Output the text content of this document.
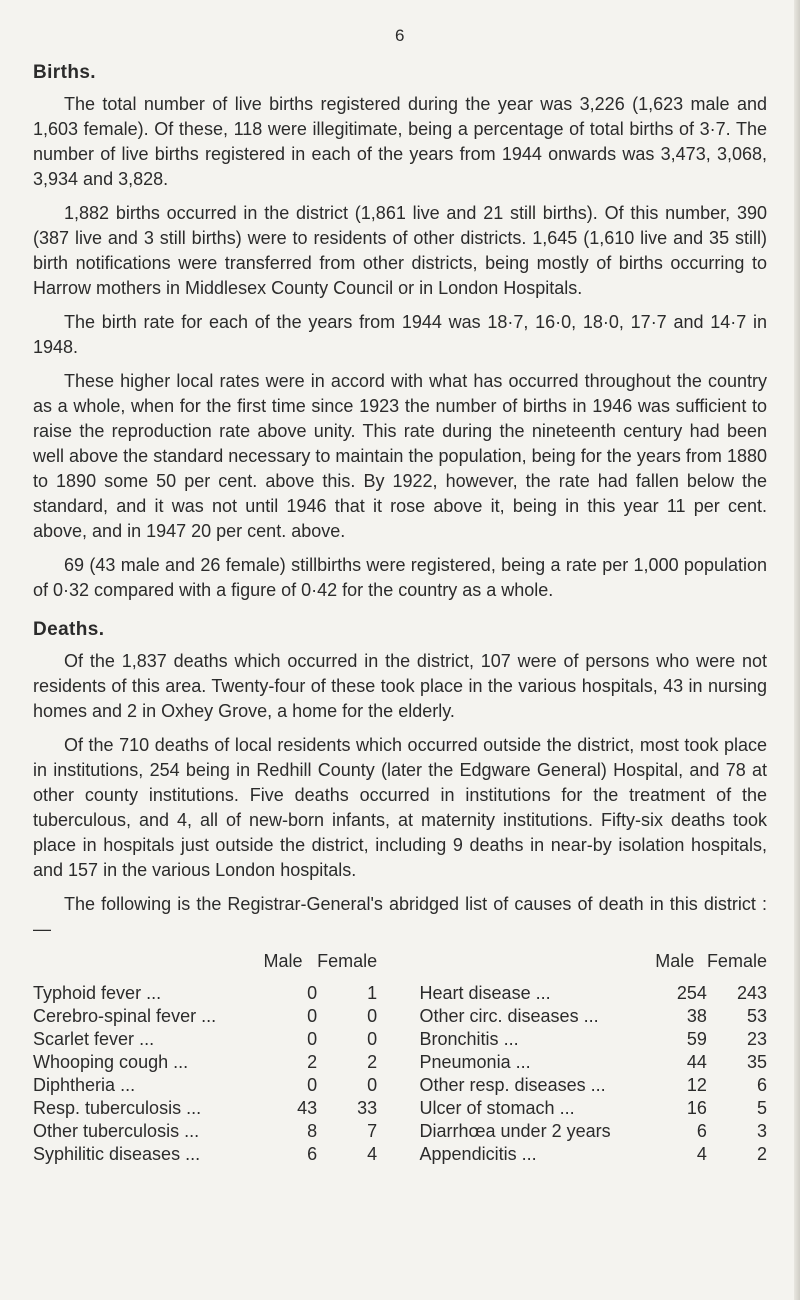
6
Births.

The total number of live births registered during the year was 3,226 (1,623 male and 1,603 female). Of these, 118 were illegitimate, being a percentage of total births of 3·7. The number of live births registered in each of the years from 1944 onwards was 3,473, 3,068, 3,934 and 3,828.

1,882 births occurred in the district (1,861 live and 21 still births). Of this number, 390 (387 live and 3 still births) were to residents of other districts. 1,645 (1,610 live and 35 still) birth notifications were transferred from other districts, being mostly of births occurring to Harrow mothers in Middlesex County Council or in London Hospitals.

The birth rate for each of the years from 1944 was 18·7, 16·0, 18·0, 17·7 and 14·7 in 1948.

These higher local rates were in accord with what has occurred throughout the country as a whole, when for the first time since 1923 the number of births in 1946 was sufficient to raise the reproduction rate above unity. This rate during the nineteenth century had been well above the standard necessary to maintain the population, being for the years from 1880 to 1890 some 50 per cent. above this. By 1922, however, the rate had fallen below the standard, and it was not until 1946 that it rose above it, being in this year 11 per cent. above, and in 1947 20 per cent. above.

69 (43 male and 26 female) stillbirths were registered, being a rate per 1,000 population of 0·32 compared with a figure of 0·42 for the country as a whole.

Deaths.

Of the 1,837 deaths which occurred in the district, 107 were of persons who were not residents of this area. Twenty-four of these took place in the various hospitals, 43 in nursing homes and 2 in Oxhey Grove, a home for the elderly.

Of the 710 deaths of local residents which occurred outside the district, most took place in institutions, 254 being in Redhill County (later the Edgware General) Hospital, and 78 at other county institutions. Five deaths occurred in institutions for the treatment of the tuberculous, and 4, all of new-born infants, at maternity institutions. Fifty-six deaths took place in hospitals just outside the district, including 9 deaths in near-by isolation hospitals, and 157 in the various London hospitals.

The following is the Registrar-General's abridged list of causes of death in this district :—

	Male	Female			Male	Female
Typhoid fever ...	0	1		Heart disease ...	254	243
Cerebro-spinal fever ...	0	0		Other circ. diseases ...	38	53
Scarlet fever ...	0	0		Bronchitis ...	59	23
Whooping cough ...	2	2		Pneumonia ...	44	35
Diphtheria ...	0	0		Other resp. diseases ...	12	6
Resp. tuberculosis ...	43	33		Ulcer of stomach ...	16	5
Other tuberculosis ...	8	7		Diarrhœa under 2 years	6	3
Syphilitic diseases ...	6	4		Appendicitis ...	4	2
